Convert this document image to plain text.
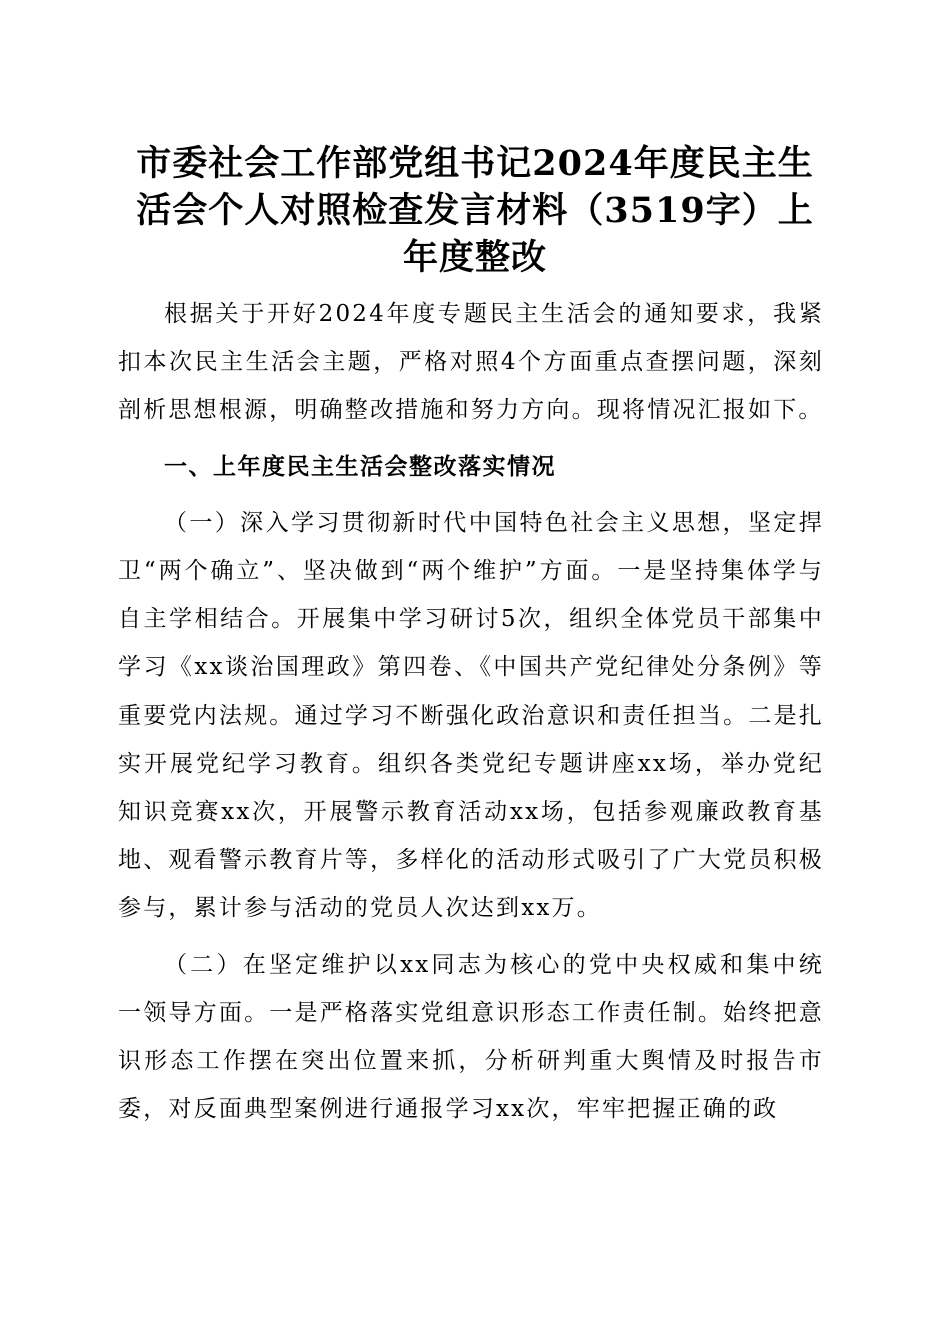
市委社会工作部党组书记2024年度民主生活会个人对照检查发言材料（3519字）上年度整改

根据关于开好2024年度专题民主生活会的通知要求，我紧扣本次民主生活会主题，严格对照4个方面重点查摆问题，深刻剖析思想根源，明确整改措施和努力方向。现将情况汇报如下。

一、上年度民主生活会整改落实情况

（一）深入学习贯彻新时代中国特色社会主义思想，坚定捍卫“两个确立”、坚决做到“两个维护”方面。一是坚持集体学与自主学相结合。开展集中学习研讨5次，组织全体党员干部集中学习《xx谈治国理政》第四卷、《中国共产党纪律处分条例》等重要党内法规。通过学习不断强化政治意识和责任担当。二是扎实开展党纪学习教育。组织各类党纪专题讲座xx场，举办党纪知识竞赛xx次，开展警示教育活动xx场，包括参观廉政教育基地、观看警示教育片等，多样化的活动形式吸引了广大党员积极参与，累计参与活动的党员人次达到xx万。

（二）在坚定维护以xx同志为核心的党中央权威和集中统一领导方面。一是严格落实党组意识形态工作责任制。始终把意识形态工作摆在突出位置来抓，分析研判重大舆情及时报告市委，对反面典型案例进行通报学习xx次，牢牢把握正确的政
